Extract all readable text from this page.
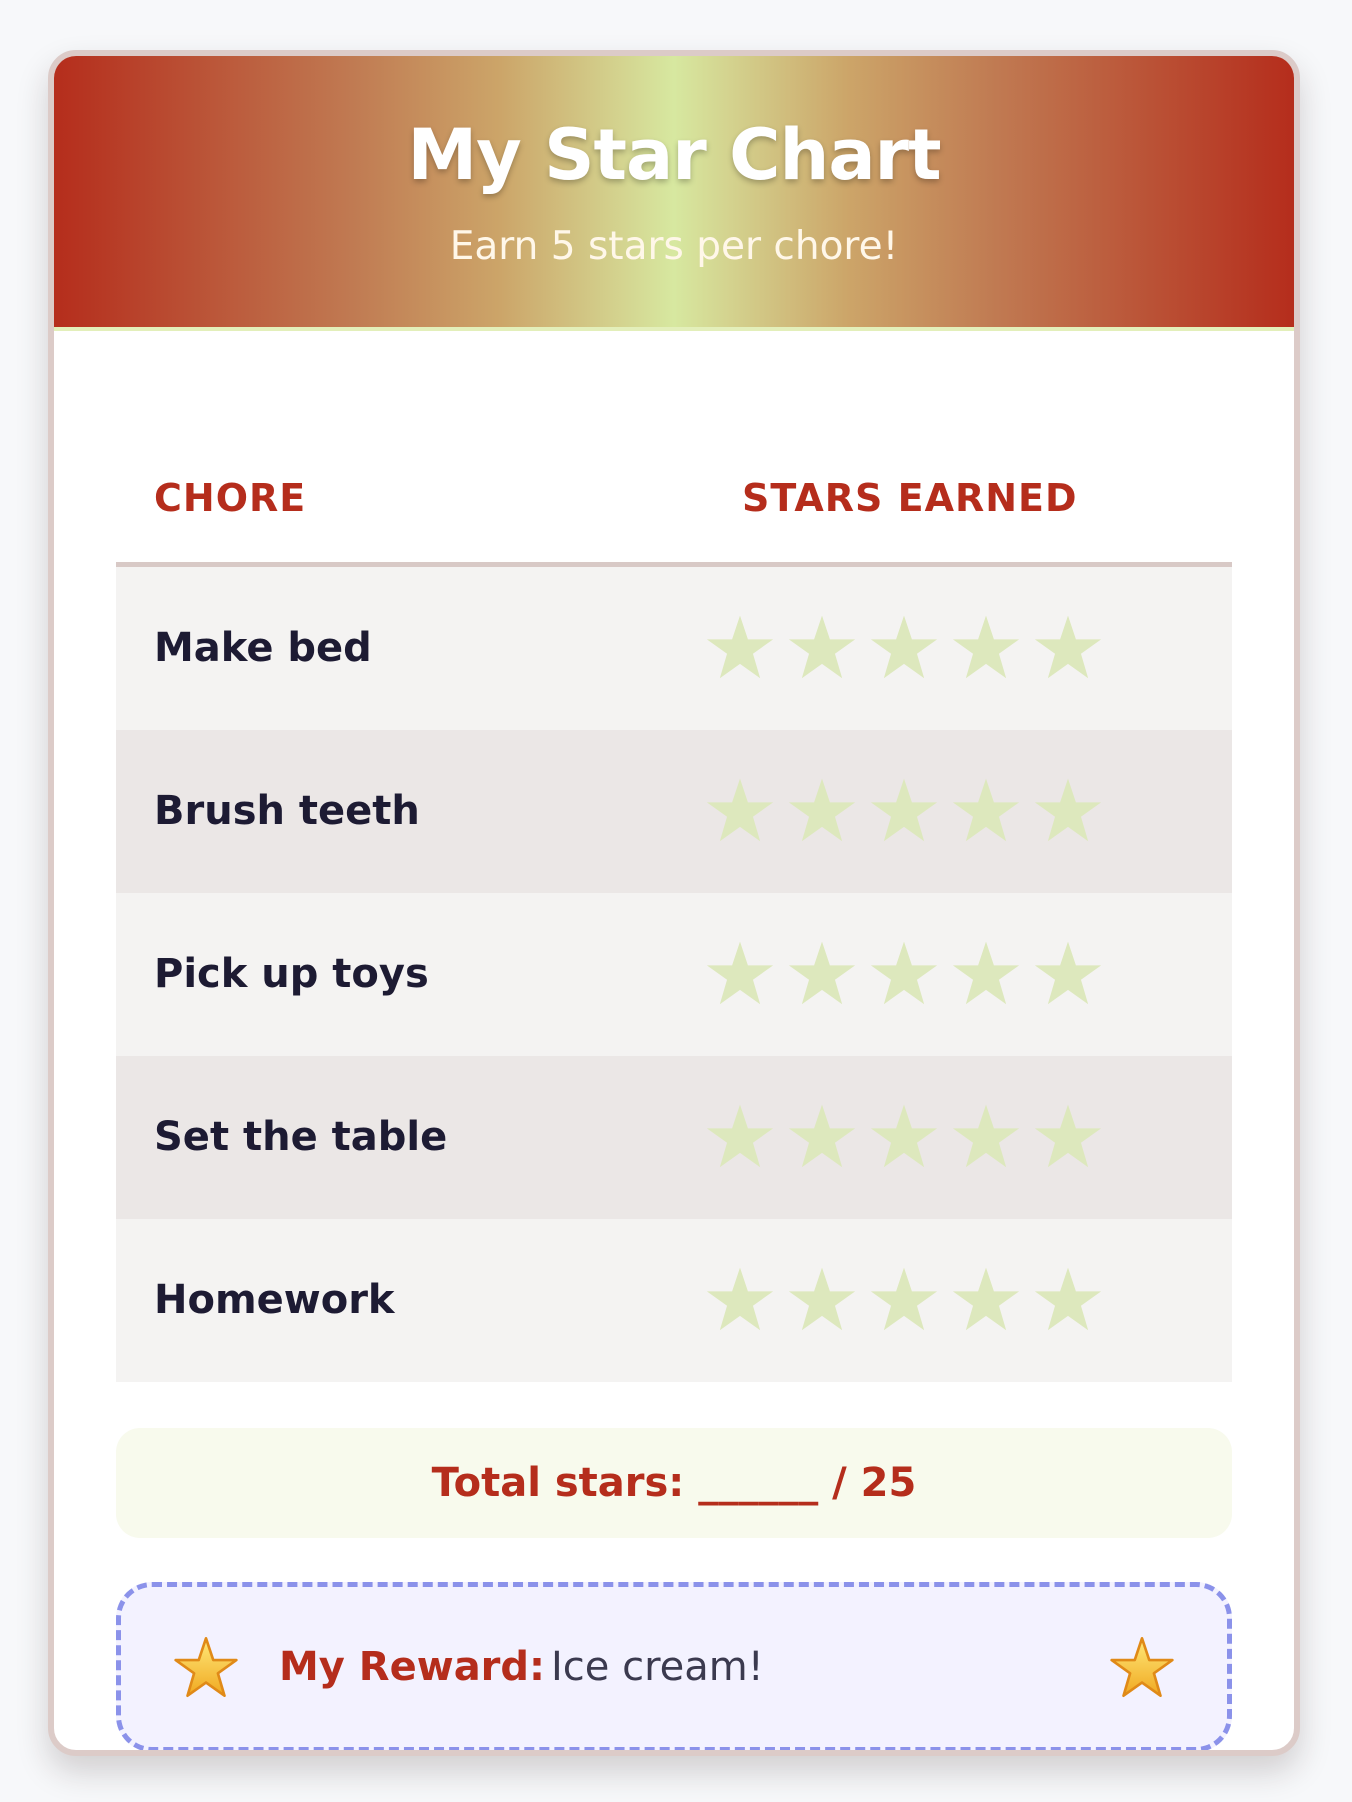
My Star Chart
Earn 5 stars per chore!
CHORE	STARS EARNED
Make bed
Brush teeth
Pick up toys
Set the table
Homework
Total stars: ______ / 25
My Reward: Ice cream!
